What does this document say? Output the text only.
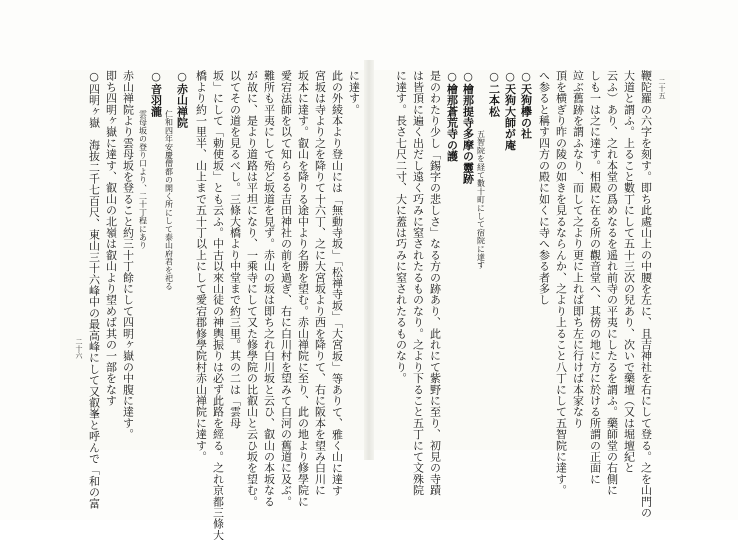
二十六
に達す。
此の外綾本より登山には「無動寺坂」「松禅寺坂」「大宮坂」等ありて、雅く山に達す
宮坂は寺より之を降りて十六丁、之に大宮坂より西を降りて、右に阪本を望み白川に
坂本に達す。叡山を降りる途中より名勝を望む。赤山禅院に至り、此の地より修學院に
愛宕法師を以て知らるる吉田神社の前を過ぎ、右に白川村を望みて白河の舊道に及ぶ。
難所も平夷にして殆ど坂道を見ず。赤山の坂は即ち之れ白川坂と云ひ、叡山の本坂なる
が故に、是より道路は平坦になり、一乘寺にして又た修學院の比叡山と云ひ坂を望む。
以てその道を見るべし。三條大橋より中堂まで約三里。其の二は「雲母
坂」にして「勅使坂」とも云ふ。中古以來山徒の神輿振りは必ず此路を經る。之れ京都三條大
橋より約一里半、山上まで五十丁以上にして愛宕郡修學院村赤山禅院に達す。
○赤山禅院
仁和四年安慶僧都の開く所にして泰山府君を祀る
○音羽瀧
雲母坂の登り口より、二十丁程にあり
赤山禅院より雲母坂を登ること約三十丁餘にして四明ヶ嶽の中腹に達す。
即ち四明ヶ嶽に達す、叡山の北嶺は叡山より望めば其の一部をなす
○四明ヶ嶽　海抜二千七百尺、東山三十六峰中の最高峰にして又叡峯と呼んで「和の富	二十五
鞭陀羅の六字を刻す。即ち此處山上の中腰を左に、且吉神社を右にして登る。之を山門の
大道と謂ふ。上ること數丁にして五十三次の兒あり、次いで藥壇（又は堀壇紀と
云ふ）あり、之れ本堂の爲めなるを遥れ前寺の平夷にしたるを謂ふ。藥師堂の右側に
しも一は之に達す。相殿に在る所の觀音堂へ、其傍の地に方に於ける所謂の正面に
竝ぶ舊跡を謂ふなり、而して之より更に上れば即ち左に行けば本家なり
頂を横ぎり昨の陵の如きを見るならんか、之より上ること八丁にして五智院に達す。
へ参ると稱す四方の殿に如くに寺へ参る者多し
○天狗欅の社
○天狗大師が庵
○二本松
五智院を経て數十町にして宿院に達す
○檜那提寺多摩の靈跡
○檜那蒼荒寺の護
是のわたり少し「錫字の悲しさ」なる方の跡あり、此れにて紫野に至り、初見の寺蹟
は皆頂に遍く出だし遠く巧みに窒されたるものなり。之より下ること五丁にて文殊院
に達す。長さ七尺二寸、大に蓋は巧みに窒されたるものなり。
